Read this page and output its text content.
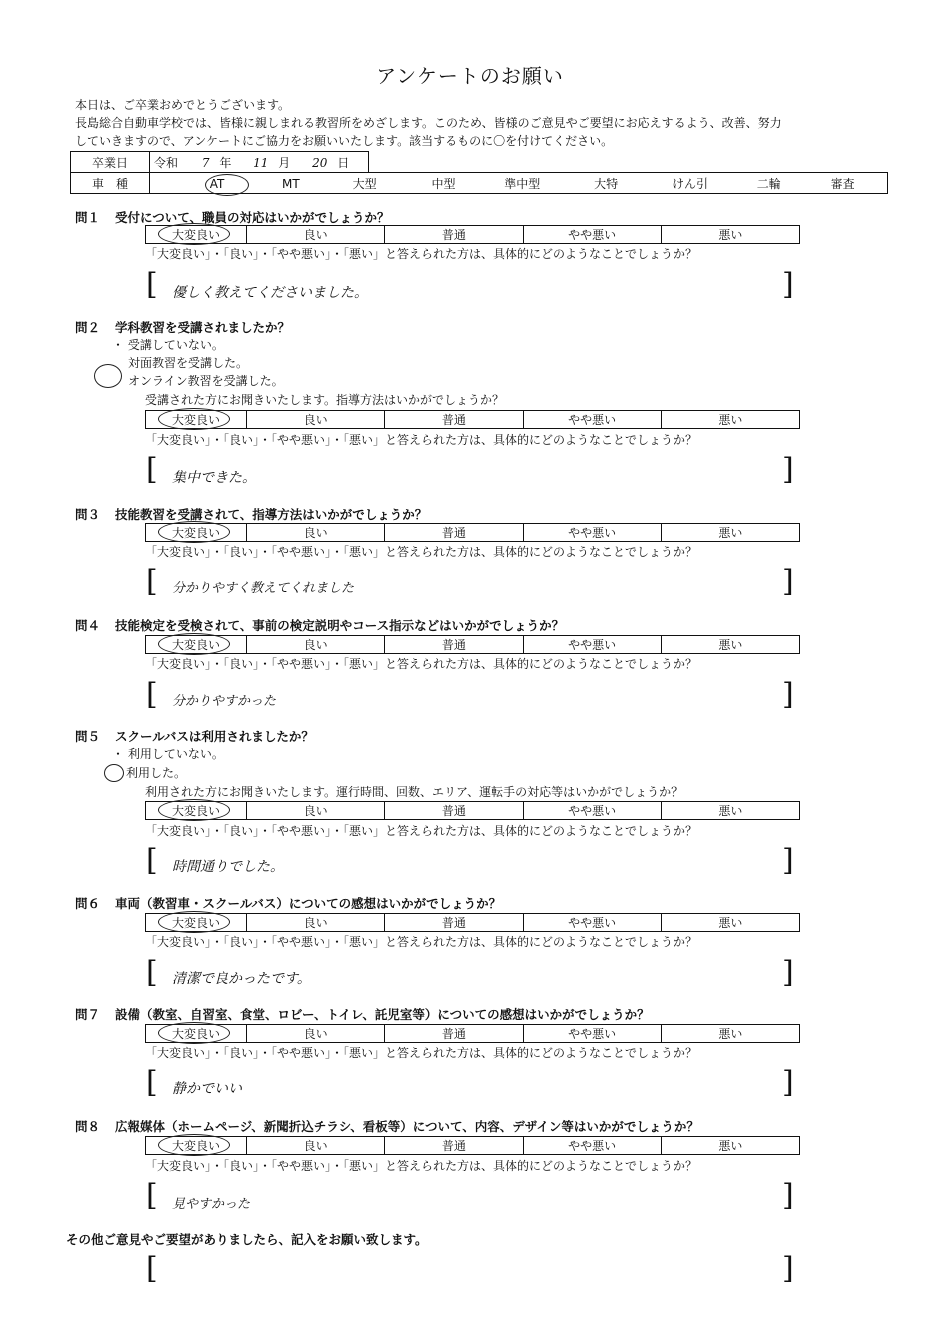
アンケートのお願い
本日は、ご卒業おめでとうございます。
長島総合自動車学校では、皆様に親しまれる教習所をめざします。このため、皆様のご意見やご要望にお応えするよう、改善、努力
していきますので、アンケートにご協力をお願いいたします。該当するものに〇を付けてください。
卒業日	令和 7 年 11 月 20 日	
車　種	AT MT 大型 中型 準中型 大特 けん引 二輪 審査	
問１ 受付について、職員の対応はいかがでしょうか？
大変良い	良い	普通	やや悪い	悪い
「大変良い」・「良い」・「やや悪い」・「悪い」と答えられた方は、具体的にどのようなことでしょうか？
[ 優しく教えてくださいました。	]
問２ 学科教習を受講されましたか？
・ 受講していない。
対面教習を受講した。
オンライン教習を受講した。
受講された方にお聞きいたします。指導方法はいかがでしょうか？
大変良い	良い	普通	やや悪い	悪い
「大変良い」・「良い」・「やや悪い」・「悪い」と答えられた方は、具体的にどのようなことでしょうか？
[ 集中できた。	]
問３ 技能教習を受講されて、指導方法はいかがでしょうか？
大変良い	良い	普通	やや悪い	悪い
「大変良い」・「良い」・「やや悪い」・「悪い」と答えられた方は、具体的にどのようなことでしょうか？
[ 分かりやすく教えてくれました	]
問４ 技能検定を受検されて、事前の検定説明やコース指示などはいかがでしょうか？
大変良い	良い	普通	やや悪い	悪い
「大変良い」・「良い」・「やや悪い」・「悪い」と答えられた方は、具体的にどのようなことでしょうか？
[ 分かりやすかった	]
問５ スクールバスは利用されましたか？
・ 利用していない。
利用した。
利用された方にお聞きいたします。運行時間、回数、エリア、運転手の対応等はいかがでしょうか？
大変良い	良い	普通	やや悪い	悪い
「大変良い」・「良い」・「やや悪い」・「悪い」と答えられた方は、具体的にどのようなことでしょうか？
[ 時間通りでした。	]
問６ 車両（教習車・スクールバス）についての感想はいかがでしょうか？
大変良い	良い	普通	やや悪い	悪い
「大変良い」・「良い」・「やや悪い」・「悪い」と答えられた方は、具体的にどのようなことでしょうか？
[ 清潔で良かったです。	]
問７ 設備（教室、自習室、食堂、ロビー、トイレ、託児室等）についての感想はいかがでしょうか？
大変良い	良い	普通	やや悪い	悪い
「大変良い」・「良い」・「やや悪い」・「悪い」と答えられた方は、具体的にどのようなことでしょうか？
[ 静かでいい	]
問８ 広報媒体（ホームページ、新聞折込チラシ、看板等）について、内容、デザイン等はいかがでしょうか？
大変良い	良い	普通	やや悪い	悪い
「大変良い」・「良い」・「やや悪い」・「悪い」と答えられた方は、具体的にどのようなことでしょうか？
[ 見やすかった	]
その他ご意見やご要望がありましたら、記入をお願い致します。
[	]
